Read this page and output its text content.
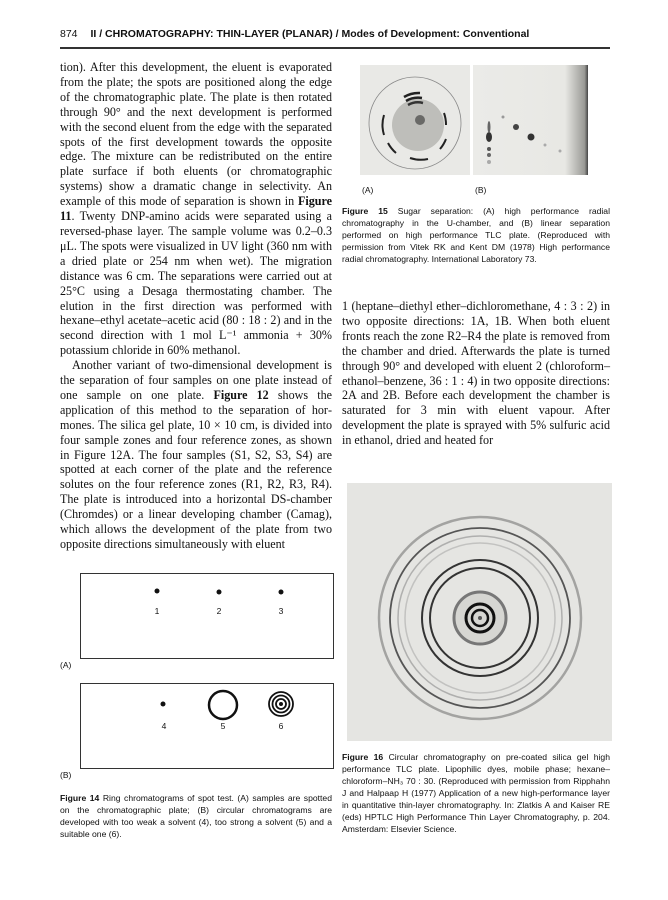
874 II / CHROMATOGRAPHY: THIN-LAYER (PLANAR) / Modes of Development: Conventional

tion). After this development, the eluent is evaporated from the plate; the spots are positioned along the edge of the chromatographic plate. The plate is then rotated through 90° and the next development is performed with the second eluent from the edge with the separated spots of the first development towards the opposite edge. The mixture can be redistributed on the entire plate surface if both eluents (or chromatographic systems) show a dramatic change in selectivity. An example of this mode of separation is shown in Figure 11. Twenty DNP-amino acids were separated using a reversed-phase layer. The sample volume was 0.2–0.3 μL. The spots were visualized in UV light (360 nm with a dried plate or 254 nm when wet). The migration distance was 6 cm. The separations were carried out at 25°C using a Desaga thermostating chamber. The elution in the first direction was performed with hexane–ethyl acetate–acetic acid (80 : 18 : 2) and in the second direction with 1 mol L⁻¹ ammonia + 30% potassium chloride in 60% methanol.

Another variant of two-dimensional development is the separation of four samples on one plate instead of one sample on one plate. Figure 12 shows the application of this method to the separation of hormones. The silica gel plate, 10 × 10 cm, is divided into four sample zones and four reference zones, as shown in Figure 12A. The four samples (S1, S2, S3, S4) are spotted at each corner of the plate and the reference solutes on the four reference zones (R1, R2, R3, R4). The plate is introduced into a horizontal DS-chamber (Chromdes) or a linear developing chamber (Camag), which allows the development of the plate from two opposite directions simultaneously with eluent

(A)	(B)
Figure 15 Sugar separation: (A) high performance radial chromatography in the U-chamber, and (B) linear separation performed on high performance TLC plate. (Reproduced with permission from Vitek RK and Kent DM (1978) High performance radial chromatography. International Laboratory 73.

1 (heptane–diethyl ether–dichloromethane, 4 : 3 : 2) in two opposite directions: 1A, 1B. When both eluent fronts reach the zone R2–R4 the plate is removed from the chamber and dried. Afterwards the plate is turned through 90° and developed with eluent 2 (chloroform–ethanol–benzene, 36 : 1 : 4) in two opposite directions: 2A and 2B. Before each development the chamber is saturated for 3 min with eluent vapour. After development the plate is sprayed with 5% sulfuric acid in ethanol, dried and heated for

Figure 16 Circular chromatography on pre-coated silica gel high performance TLC plate. Lipophilic dyes, mobile phase; hexane–chloroform–NH₃ 70 : 30. (Reproduced with permission from Ripphahn J and Halpaap H (1977) Application of a new high-performance layer in quantitative thin-layer chromatography. In: Zlatkis A and Kaiser RE (eds) HPTLC High Performance Thin Layer Chromatography, p. 204. Amsterdam: Elsevier Science.
1	2	3
(A)
4	5	6
(B)
Figure 14 Ring chromatograms of spot test. (A) samples are spotted on the chromatographic plate; (B) circular chromatograms are developed with too weak a solvent (4), too strong a solvent (5) and a suitable one (6).
